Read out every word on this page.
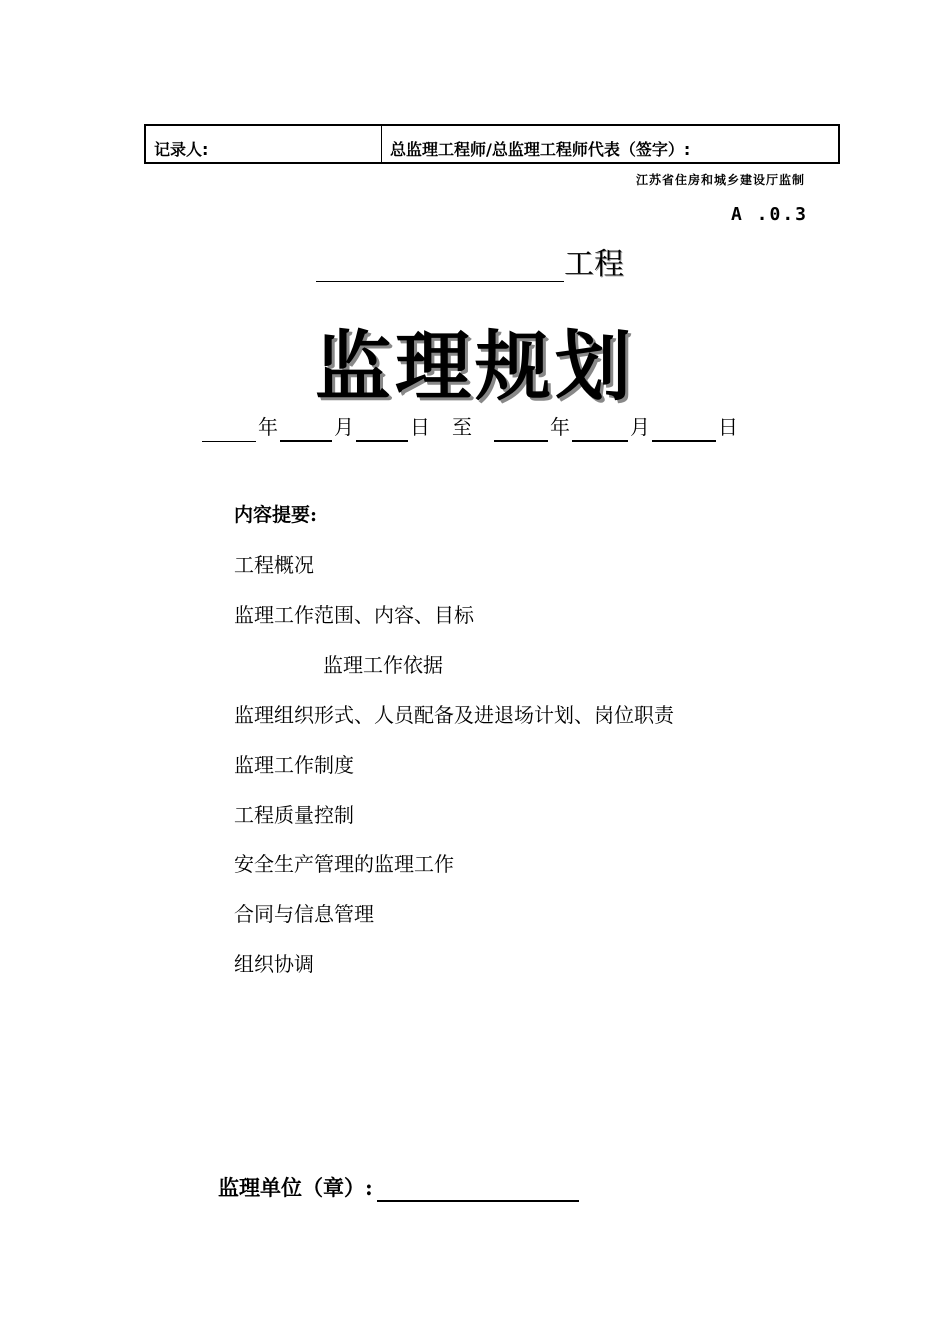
记录人:	总监理工程师/总监理工程师代表（签字）:
江苏省住房和城乡建设厅监制
A .0.3
工程
监理规划
年	月	日	至	年	月	日
内容提要:
工程概况
监理工作范围、内容、目标
监理工作依据
监理组织形式、人员配备及进退场计划、岗位职责
监理工作制度
工程质量控制
安全生产管理的监理工作
合同与信息管理
组织协调
监理单位（章）:
